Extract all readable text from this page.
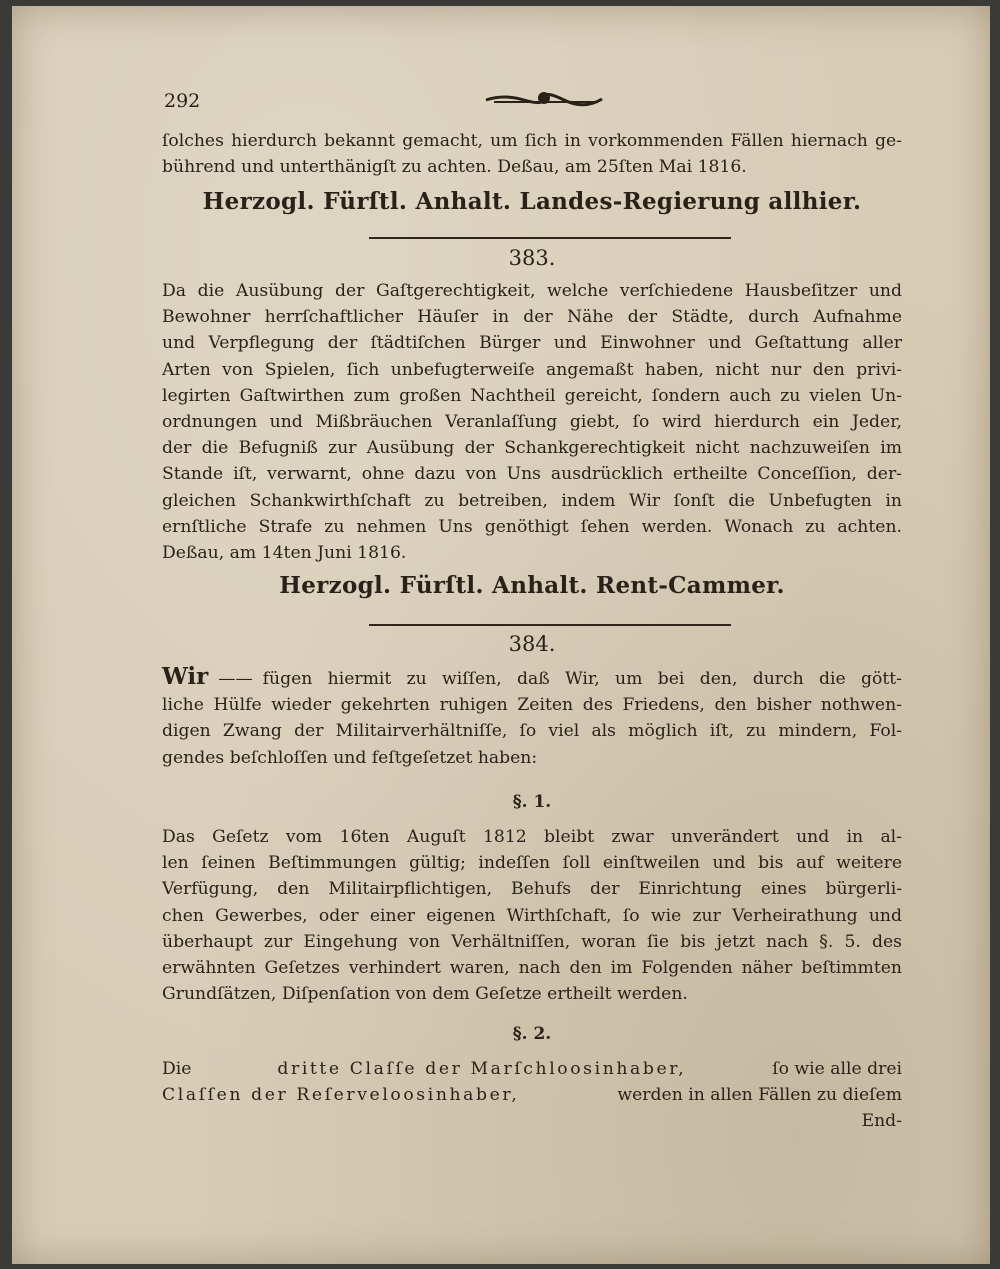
292
ſolches hierdurch bekannt gemacht, um ſich in vorkommenden Fällen hiernach ge-
bührend und unterthänigſt zu achten. Deßau, am 25ſten Mai 1816.
Herzogl. Fürſtl. Anhalt. Landes-Regierung allhier.
383.
Da die Ausübung der Gaſtgerechtigkeit, welche verſchiedene Hausbeſitzer und
Bewohner herrſchaftlicher Häuſer in der Nähe der Städte, durch Aufnahme
und Verpflegung der ſtädtiſchen Bürger und Einwohner und Geſtattung aller
Arten von Spielen, ſich unbefugterweiſe angemaßt haben, nicht nur den privi-
legirten Gaſtwirthen zum großen Nachtheil gereicht, ſondern auch zu vielen Un-
ordnungen und Mißbräuchen Veranlaſſung giebt, ſo wird hierdurch ein Jeder,
der die Befugniß zur Ausübung der Schankgerechtigkeit nicht nachzuweiſen im
Stande iſt, verwarnt, ohne dazu von Uns ausdrücklich ertheilte Conceſſion, der-
gleichen Schankwirthſchaft zu betreiben, indem Wir ſonſt die Unbefugten in
ernſtliche Strafe zu nehmen Uns genöthigt ſehen werden. Wonach zu achten.
Deßau, am 14ten Juni 1816.
Herzogl. Fürſtl. Anhalt. Rent-Cammer.
384.
Wir —— fügen hiermit zu wiſſen, daß Wir, um bei den, durch die gött-
liche Hülfe wieder gekehrten ruhigen Zeiten des Friedens, den bisher nothwen-
digen Zwang der Militairverhältniſſe, ſo viel als möglich iſt, zu mindern, Fol-
gendes beſchloſſen und feſtgeſetzet haben:
§. 1.
Das Geſetz vom 16ten Auguſt 1812 bleibt zwar unverändert und in al-
len ſeinen Beſtimmungen gültig; indeſſen ſoll einſtweilen und bis auf weitere
Verfügung, den Militairpflichtigen, Behufs der Einrichtung eines bürgerli-
chen Gewerbes, oder einer eigenen Wirthſchaft, ſo wie zur Verheirathung und
überhaupt zur Eingehung von Verhältniſſen, woran ſie bis jetzt nach §. 5. des
erwähnten Geſetzes verhindert waren, nach den im Folgenden näher beſtimmten
Grundſätzen, Diſpenſation von dem Geſetze ertheilt werden.
§. 2.
Die	dritte Claſſe der Marſchloosinhaber,	ſo wie alle drei
Claſſen der Reſerveloosinhaber,	werden in allen Fällen zu dieſem
End-
